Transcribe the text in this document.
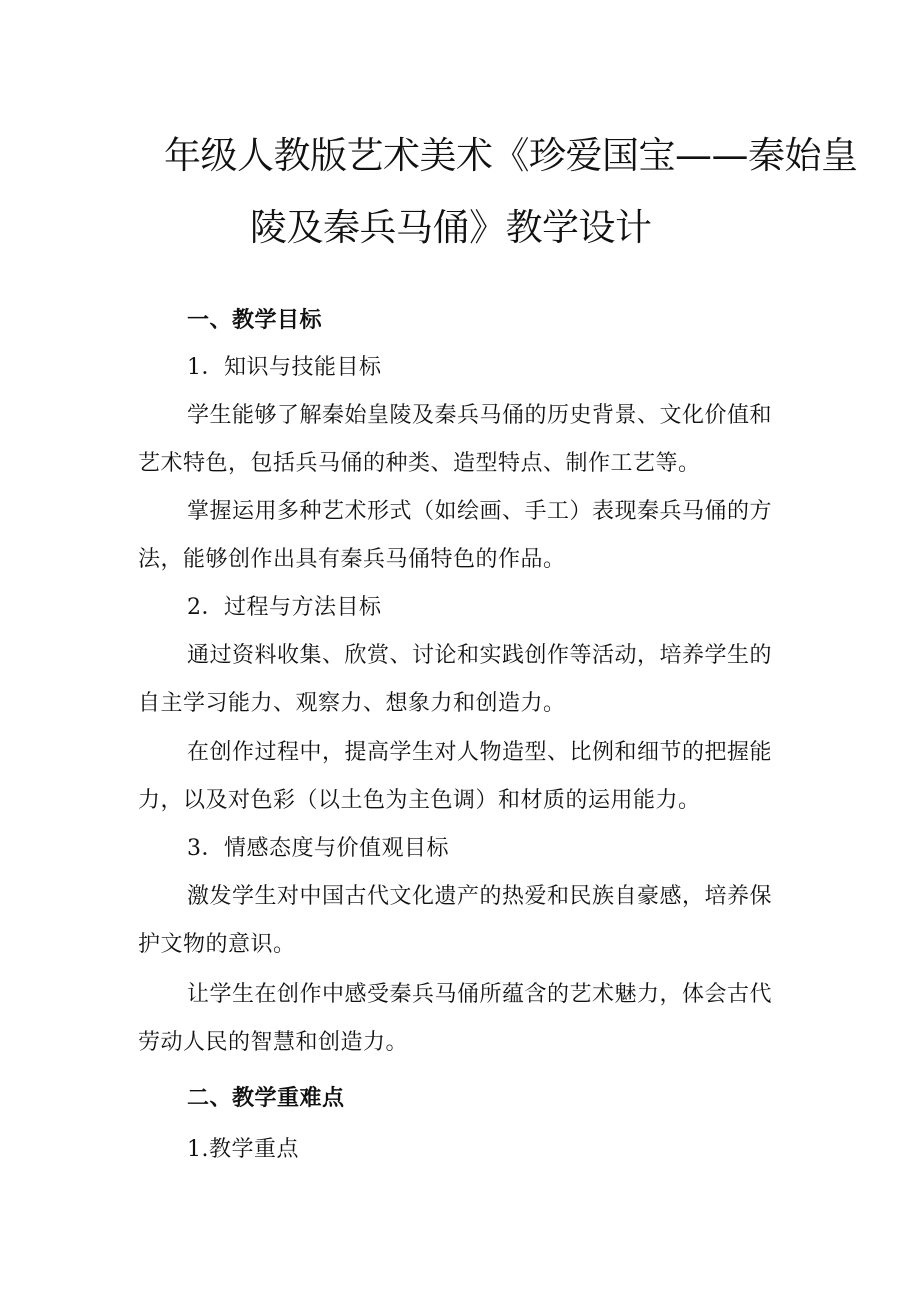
年级人教版艺术美术《珍爱国宝——秦始皇
陵及秦兵马俑》教学设计
一、教学目标
1．知识与技能目标
学生能够了解秦始皇陵及秦兵马俑的历史背景、文化价值和
艺术特色，包括兵马俑的种类、造型特点、制作工艺等。
掌握运用多种艺术形式（如绘画、手工）表现秦兵马俑的方
法，能够创作出具有秦兵马俑特色的作品。
2．过程与方法目标
通过资料收集、欣赏、讨论和实践创作等活动，培养学生的
自主学习能力、观察力、想象力和创造力。
在创作过程中，提高学生对人物造型、比例和细节的把握能
力，以及对色彩（以土色为主色调）和材质的运用能力。
3．情感态度与价值观目标
激发学生对中国古代文化遗产的热爱和民族自豪感，培养保
护文物的意识。
让学生在创作中感受秦兵马俑所蕴含的艺术魅力，体会古代
劳动人民的智慧和创造力。
二、教学重难点
1.教学重点
